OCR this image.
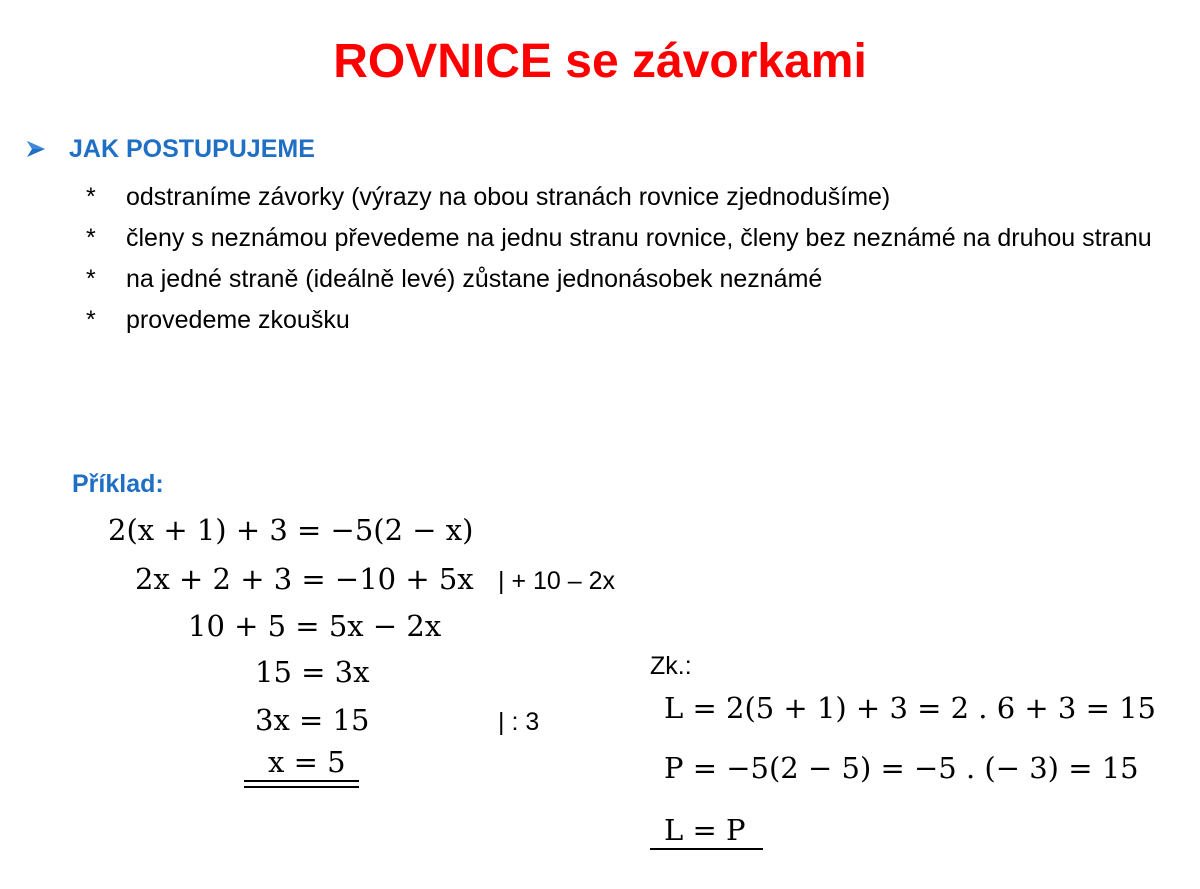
ROVNICE se závorkami
JAK POSTUPUJEME
*	odstraníme závorky (výrazy na obou stranách rovnice zjednodušíme)
*	členy s neznámou převedeme na jednu stranu rovnice, členy bez neznámé na druhou stranu
*	na jedné straně (ideálně levé) zůstane jednonásobek neznámé
*	provedeme zkoušku
Příklad:
2(x + 1) + 3 = −5(2 − x)
2x + 2 + 3 = −10 + 5x | + 10 – 2x
10 + 5 = 5x − 2x
15 = 3x
3x = 15	| : 3
x = 5
Zk.:
L = 2(5 + 1) + 3 = 2 . 6 + 3 = 15
P = −5(2 − 5) = −5 . (− 3) = 15
L = P
